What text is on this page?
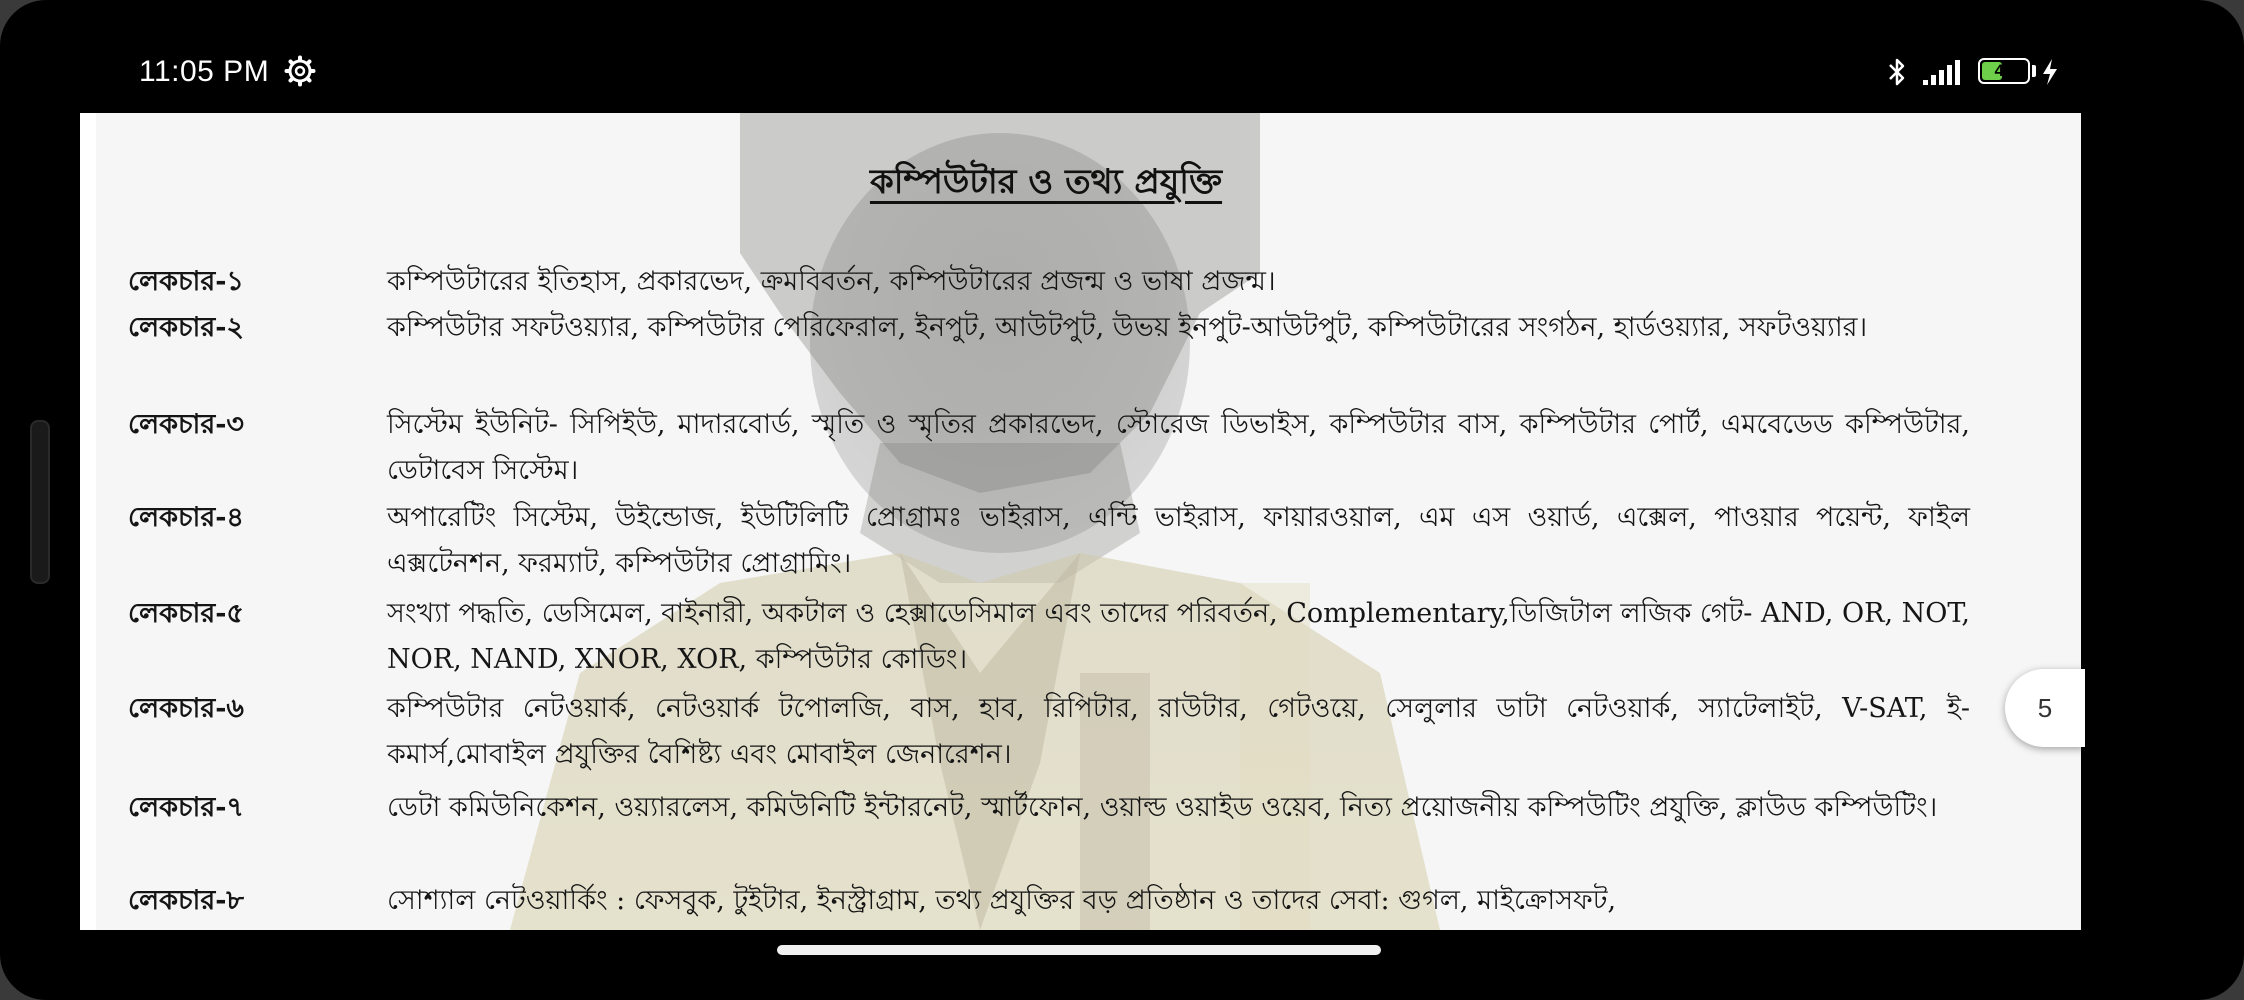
11:05 PM	45
কম্পিউটার ও তথ্য প্রযুক্তি
লেকচার-১	কম্পিউটারের ইতিহাস, প্রকারভেদ, ক্রমবিবর্তন, কম্পিউটারের প্রজন্ম ও ভাষা প্রজন্ম।

লেকচার-২	কম্পিউটার সফটওয়্যার, কম্পিউটার পেরিফেরাল, ইনপুট, আউটপুট, উভয় ইনপুট-আউটপুট, কম্পিউটারের সংগঠন, হার্ডওয়্যার, সফটওয়্যার।

লেকচার-৩	সিস্টেম ইউনিট- সিপিইউ, মাদারবোর্ড, স্মৃতি ও স্মৃতির প্রকারভেদ, স্টোরেজ ডিভাইস, কম্পিউটার বাস, কম্পিউটার পোর্ট, এমবেডেড কম্পিউটার, ডেটাবেস সিস্টেম।

লেকচার-৪	অপারেটিং সিস্টেম, উইন্ডোজ, ইউটিলিটি প্রোগ্রামঃ ভাইরাস, এন্টি ভাইরাস, ফায়ারওয়াল, এম এস ওয়ার্ড, এক্সেল, পাওয়ার পয়েন্ট, ফাইল এক্সটেনশন, ফরম্যাট, কম্পিউটার প্রোগ্রামিং।

লেকচার-৫	সংখ্যা পদ্ধতি, ডেসিমেল, বাইনারী, অকটাল ও হেক্সাডেসিমাল এবং তাদের পরিবর্তন, Complementary,ডিজিটাল লজিক গেট- AND, OR, NOT, NOR, NAND, XNOR, XOR, কম্পিউটার কোডিং।

লেকচার-৬	কম্পিউটার নেটওয়ার্ক, নেটওয়ার্ক টপোলজি, বাস, হাব, রিপিটার, রাউটার, গেটওয়ে, সেলুলার ডাটা নেটওয়ার্ক, স্যাটেলাইট, V-SAT, ই-কমার্স,মোবাইল প্রযুক্তির বৈশিষ্ট্য এবং মোবাইল জেনারেশন।

লেকচার-৭	ডেটা কমিউনিকেশন, ওয়্যারলেস, কমিউনিটি ইন্টারনেট, স্মার্টফোন, ওয়াল্ড ওয়াইড ওয়েব, নিত্য প্রয়োজনীয় কম্পিউটিং প্রযুক্তি, ক্লাউড কম্পিউটিং।

লেকচার-৮	সোশ্যাল নেটওয়ার্কিং : ফেসবুক, টুইটার, ইনস্ট্রাগ্রাম, তথ্য প্রযুক্তির বড় প্রতিষ্ঠান ও তাদের সেবা: গুগল, মাইক্রোসফট,

5
